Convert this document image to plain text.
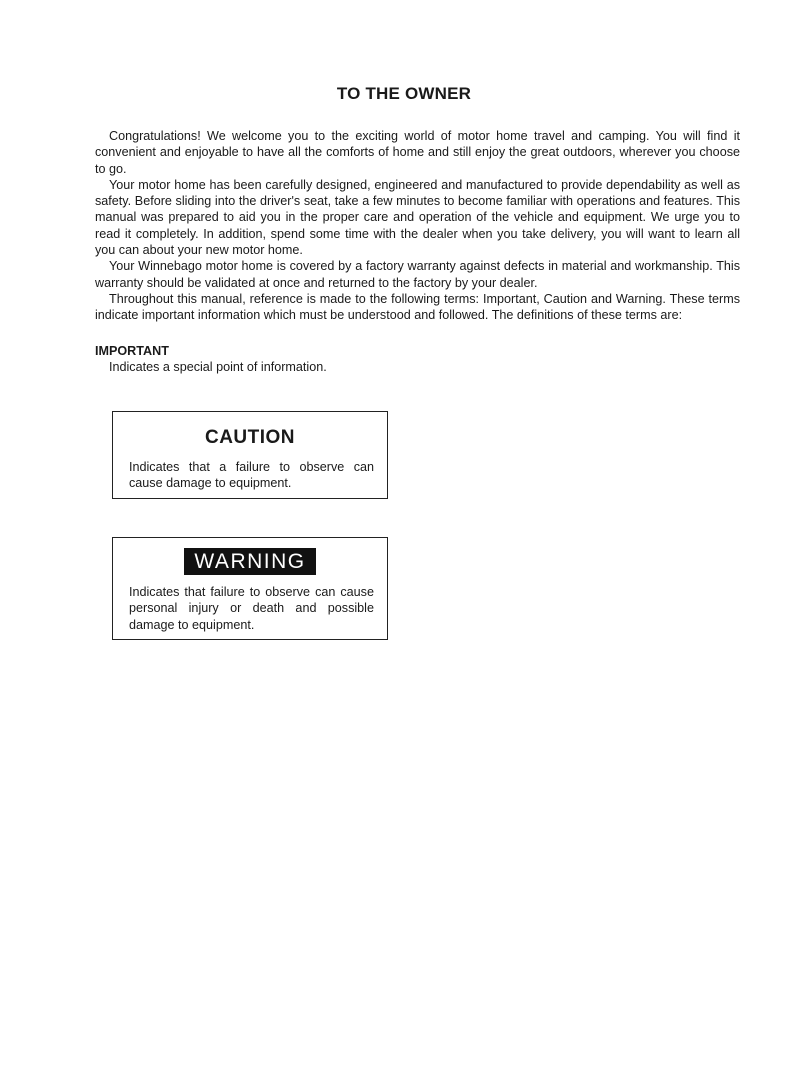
TO THE OWNER

Congratulations! We welcome you to the exciting world of motor home travel and camping. You will find it convenient and enjoyable to have all the comforts of home and still enjoy the great outdoors, wherever you choose to go.

Your motor home has been carefully designed, engineered and manufactured to provide dependability as well as safety. Before sliding into the driver's seat, take a few minutes to become familiar with operations and features. This manual was prepared to aid you in the proper care and operation of the vehicle and equipment. We urge you to read it completely. In addition, spend some time with the dealer when you take delivery, you will want to learn all you can about your new motor home.

Your Winnebago motor home is covered by a factory warranty against defects in material and workmanship. This warranty should be validated at once and returned to the factory by your dealer.

Throughout this manual, reference is made to the following terms: Important, Caution and Warning. These terms indicate important information which must be understood and followed. The definitions of these terms are:

IMPORTANT
Indicates a special point of information.
CAUTION
Indicates that a failure to observe can cause damage to equipment.
WARNING
Indicates that failure to observe can cause personal injury or death and possible damage to equipment.
